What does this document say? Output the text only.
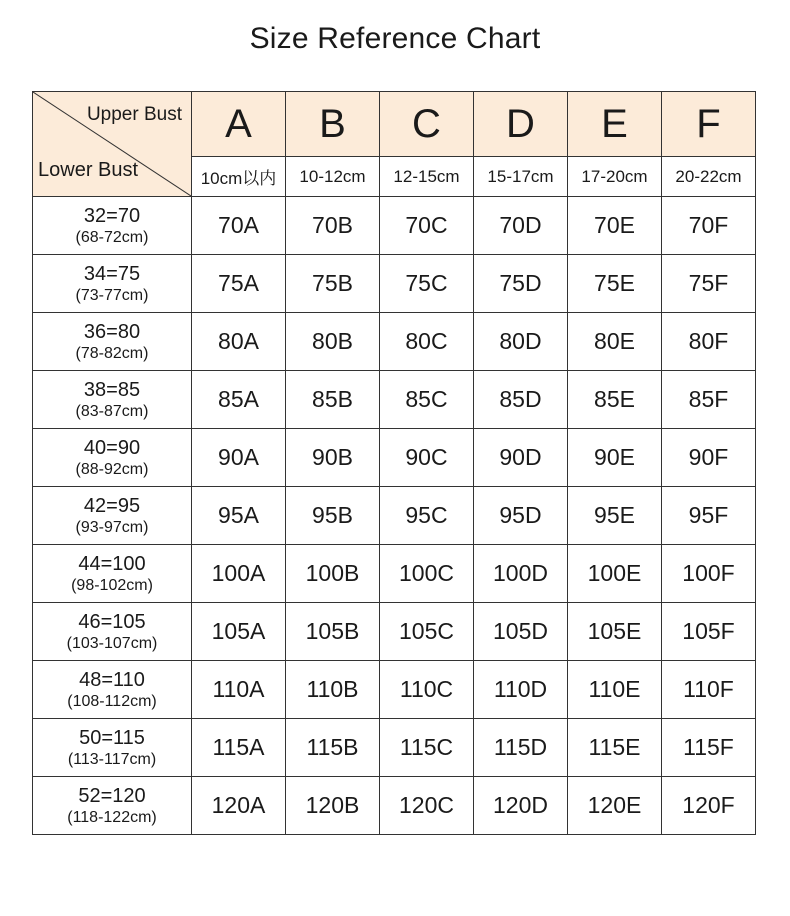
Size Reference Chart
Upper Bust
Lower Bust	A	B	C	D	E	F
	10cm以内	10-12cm	12-15cm	15-17cm	17-20cm	20-22cm

32=70
(68-72cm)	70A	70B	70C	70D	70E	70F

34=75
(73-77cm)	75A	75B	75C	75D	75E	75F

36=80
(78-82cm)	80A	80B	80C	80D	80E	80F

38=85
(83-87cm)	85A	85B	85C	85D	85E	85F

40=90
(88-92cm)	90A	90B	90C	90D	90E	90F

42=95
(93-97cm)	95A	95B	95C	95D	95E	95F

44=100
(98-102cm)	100A	100B	100C	100D	100E	100F

46=105
(103-107cm)	105A	105B	105C	105D	105E	105F

48=110
(108-112cm)	110A	110B	110C	110D	110E	110F

50=115
(113-117cm)	115A	115B	115C	115D	115E	115F

52=120
(118-122cm)	120A	120B	120C	120D	120E	120F
